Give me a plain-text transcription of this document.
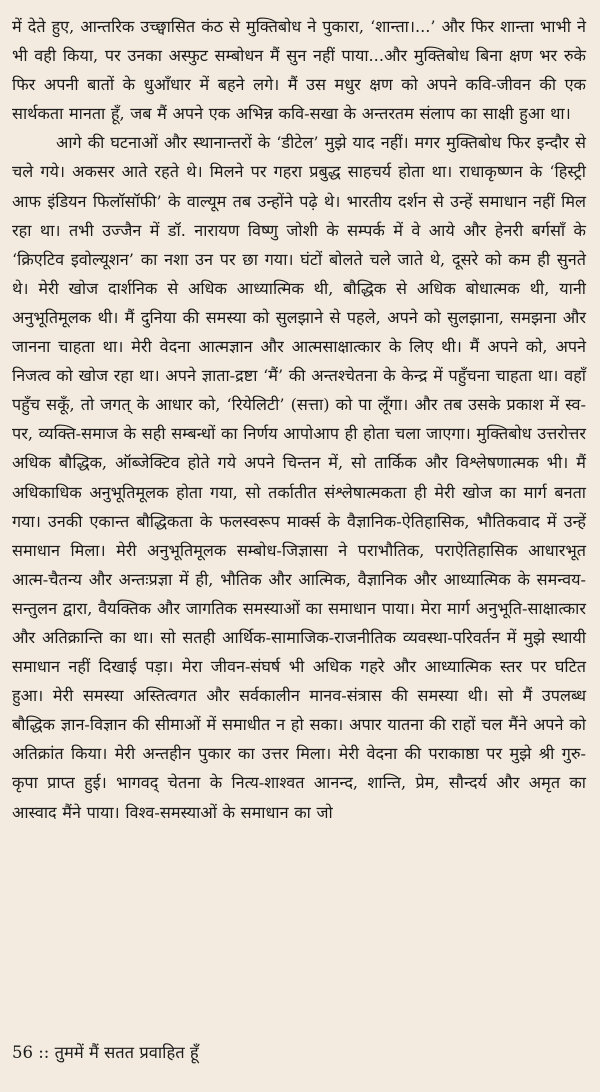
में देते हुए, आन्तरिक उच्छ्वासित कंठ से मुक्तिबोध ने पुकारा, ‘शान्ता।...’ और फिर शान्ता भाभी ने भी वही किया, पर उनका अस्फुट सम्बोधन मैं सुन नहीं पाया...और मुक्तिबोध बिना क्षण भर रुके फिर अपनी बातों के धुआँधार में बहने लगे। मैं उस मधुर क्षण को अपने कवि-जीवन की एक सार्थकता मानता हूँ, जब मैं अपने एक अभिन्न कवि-सखा के अन्तरतम संलाप का साक्षी हुआ था।

आगे की घटनाओं और स्थानान्तरों के ‘डीटेल’ मुझे याद नहीं। मगर मुक्तिबोध फिर इन्दौर से चले गये। अकसर आते रहते थे। मिलने पर गहरा प्रबुद्ध साहचर्य होता था। राधाकृष्णन के ‘हिस्ट्री आफ इंडियन फिलॉसॉफी’ के वाल्यूम तब उन्होंने पढ़े थे। भारतीय दर्शन से उन्हें समाधान नहीं मिल रहा था। तभी उज्जैन में डॉ. नारायण विष्णु जोशी के सम्पर्क में वे आये और हेनरी बर्गसाँ के ‘क्रिएटिव इवोल्यूशन’ का नशा उन पर छा गया। घंटों बोलते चले जाते थे, दूसरे को कम ही सुनते थे। मेरी खोज दार्शनिक से अधिक आध्यात्मिक थी, बौद्धिक से अधिक बोधात्मक थी, यानी अनुभूतिमूलक थी। मैं दुनिया की समस्या को सुलझाने से पहले, अपने को सुलझाना, समझना और जानना चाहता था। मेरी वेदना आत्मज्ञान और आत्मसाक्षात्कार के लिए थी। मैं अपने को, अपने निजत्व को खोज रहा था। अपने ज्ञाता-द्रष्टा ‘मैं’ की अन्तश्चेतना के केन्द्र में पहुँचना चाहता था। वहाँ पहुँच सकूँ, तो जगत् के आधार को, ‘रियेलिटी’ (सत्ता) को पा लूँगा। और तब उसके प्रकाश में स्व-पर, व्यक्ति-समाज के सही सम्बन्धों का निर्णय आपोआप ही होता चला जाएगा। मुक्तिबोध उत्तरोत्तर अधिक बौद्धिक, ऑब्जेक्टिव होते गये अपने चिन्तन में, सो तार्किक और विश्लेषणात्मक भी। मैं अधिकाधिक अनुभूतिमूलक होता गया, सो तर्कातीत संश्लेषात्मकता ही मेरी खोज का मार्ग बनता गया। उनकी एकान्त बौद्धिकता के फलस्वरूप मार्क्स के वैज्ञानिक-ऐतिहासिक, भौतिकवाद में उन्हें समाधान मिला। मेरी अनुभूतिमूलक सम्बोध-जिज्ञासा ने पराभौतिक, पराऐतिहासिक आधारभूत आत्म-चैतन्य और अन्तःप्रज्ञा में ही, भौतिक और आत्मिक, वैज्ञानिक और आध्यात्मिक के समन्वय-सन्तुलन द्वारा, वैयक्तिक और जागतिक समस्याओं का समाधान पाया। मेरा मार्ग अनुभूति-साक्षात्कार और अतिक्रान्ति का था। सो सतही आर्थिक-सामाजिक-राजनीतिक व्यवस्था-परिवर्तन में मुझे स्थायी समाधान नहीं दिखाई पड़ा। मेरा जीवन-संघर्ष भी अधिक गहरे और आध्यात्मिक स्तर पर घटित हुआ। मेरी समस्या अस्तित्वगत और सर्वकालीन मानव-संत्रास की समस्या थी। सो मैं उपलब्ध बौद्धिक ज्ञान-विज्ञान की सीमाओं में समाधीत न हो सका। अपार यातना की राहों चल मैंने अपने को अतिक्रांत किया। मेरी अन्तहीन पुकार का उत्तर मिला। मेरी वेदना की पराकाष्ठा पर मुझे श्री गुरु-कृपा प्राप्त हुई। भागवद् चेतना के नित्य-शाश्वत आनन्द, शान्ति, प्रेम, सौन्दर्य और अमृत का आस्वाद मैंने पाया। विश्व-समस्याओं के समाधान का जो

56 :: तुममें मैं सतत प्रवाहित हूँ
